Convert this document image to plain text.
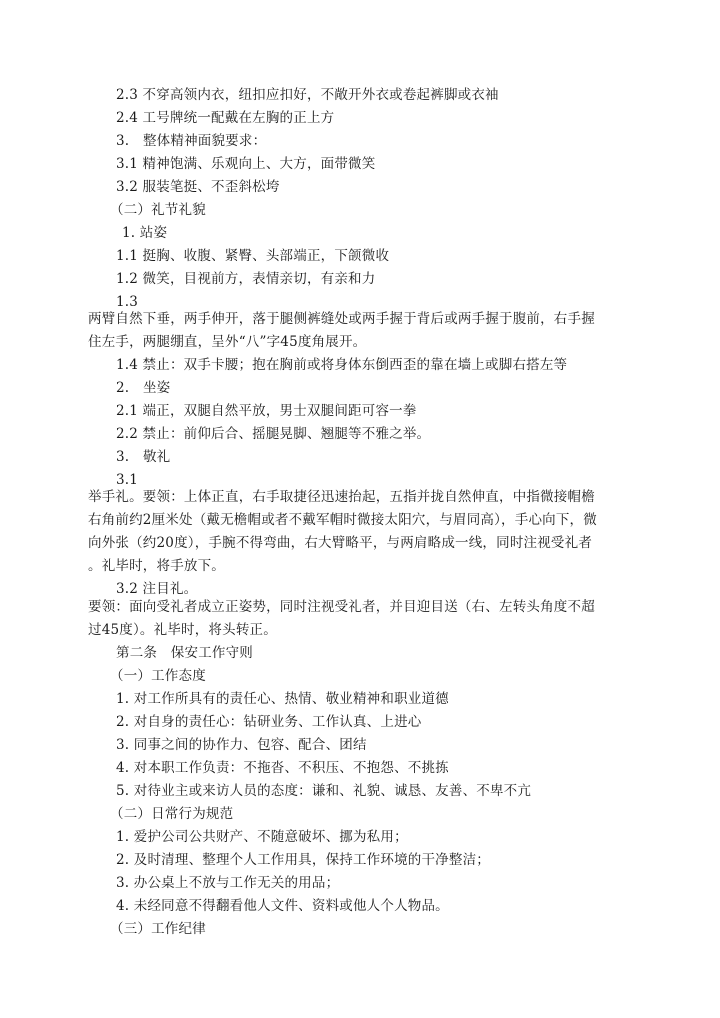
2.3 不穿高领内衣，纽扣应扣好，不敞开外衣或卷起裤脚或衣袖
2.4 工号牌统一配戴在左胸的正上方
3.　整体精神面貌要求：
3.1 精神饱满、乐观向上、大方，面带微笑
3.2 服装笔挺、不歪斜松垮
（二）礼节礼貌
1. 站姿
1.1 挺胸、收腹、紧臀、头部端正，下颌微收
1.2 微笑，目视前方，表情亲切，有亲和力
1.3
两臂自然下垂，两手伸开，落于腿侧裤缝处或两手握于背后或两手握于腹前，右手握
住左手，两腿绷直，呈外“八”字45度角展开。
1.4 禁止：双手卡腰；抱在胸前或将身体东倒西歪的靠在墙上或脚右搭左等
2.　坐姿
2.1 端正，双腿自然平放，男士双腿间距可容一拳
2.2 禁止：前仰后合、摇腿晃脚、翘腿等不雅之举。
3.　敬礼
3.1
举手礼。要领：上体正直，右手取捷径迅速抬起，五指并拢自然伸直，中指微接帽檐
右角前约2厘米处（戴无檐帽或者不戴军帽时微接太阳穴，与眉同高），手心向下，微
向外张（约20度），手腕不得弯曲，右大臂略平，与两肩略成一线，同时注视受礼者
。礼毕时，将手放下。
3.2 注目礼。
要领：面向受礼者成立正姿势，同时注视受礼者，并目迎目送（右、左转头角度不超
过45度）。礼毕时，将头转正。
第二条　保安工作守则
（一）工作态度
1. 对工作所具有的责任心、热情、敬业精神和职业道德
2. 对自身的责任心：钻研业务、工作认真、上进心
3. 同事之间的协作力、包容、配合、团结
4. 对本职工作负责：不拖沓、不积压、不抱怨、不挑拣
5. 对待业主或来访人员的态度：谦和、礼貌、诚恳、友善、不卑不亢
（二）日常行为规范
1. 爱护公司公共财产、不随意破坏、挪为私用；
2. 及时清理、整理个人工作用具，保持工作环境的干净整洁；
3. 办公桌上不放与工作无关的用品；
4. 未经同意不得翻看他人文件、资料或他人个人物品。
（三）工作纪律
